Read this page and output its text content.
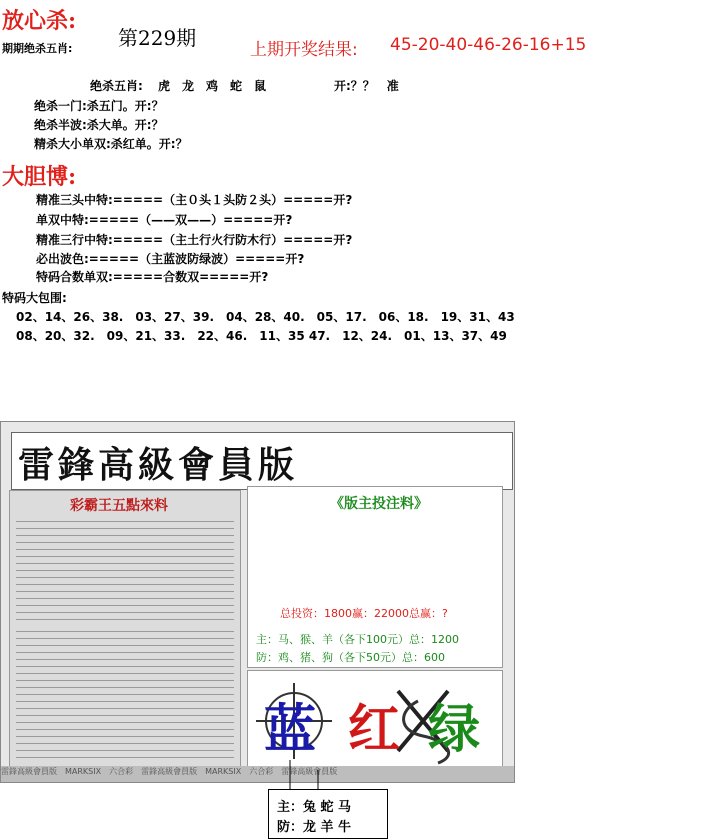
放心杀:
第229期
期期绝杀五肖:	上期开奖结果: 45-20-40-46-26-16+15
绝杀五肖: 虎　龙　鸡　蛇　鼠	开:？？　准
绝杀一门:杀五门。开:？
绝杀半波:杀大单。开:？
精杀大小单双:杀红单。开:？
大胆博:
精准三头中特:=====（主０头１头防２头）=====开?
单双中特:=====（——双——）=====开?
精准三行中特:=====（主土行火行防木行）=====开?
必出波色:=====（主蓝波防绿波）=====开?
特码合数单双:=====合数双=====开?
特码大包围:
02、14、26、38.　03、27、39.　04、28、40.　05、17.　06、18.　19、31、43
08、20、32.　09、21、33.　22、46.　11、35 47.　12、24.　01、13、37、49
雷鋒高級會員版
彩霸王五點來料	《版主投注料》
总投资：1800赢：22000总赢：?
主：马、猴、羊（各下100元）总：1200
防：鸡、猪、狗（各下50元）总：600
蓝 红 绿
雷鋒高級會員版　MARKSIX　六合彩　雷鋒高級會員版　MARKSIX　六合彩　雷鋒高級會員版
主：兔 蛇 马
防：龙 羊 牛
